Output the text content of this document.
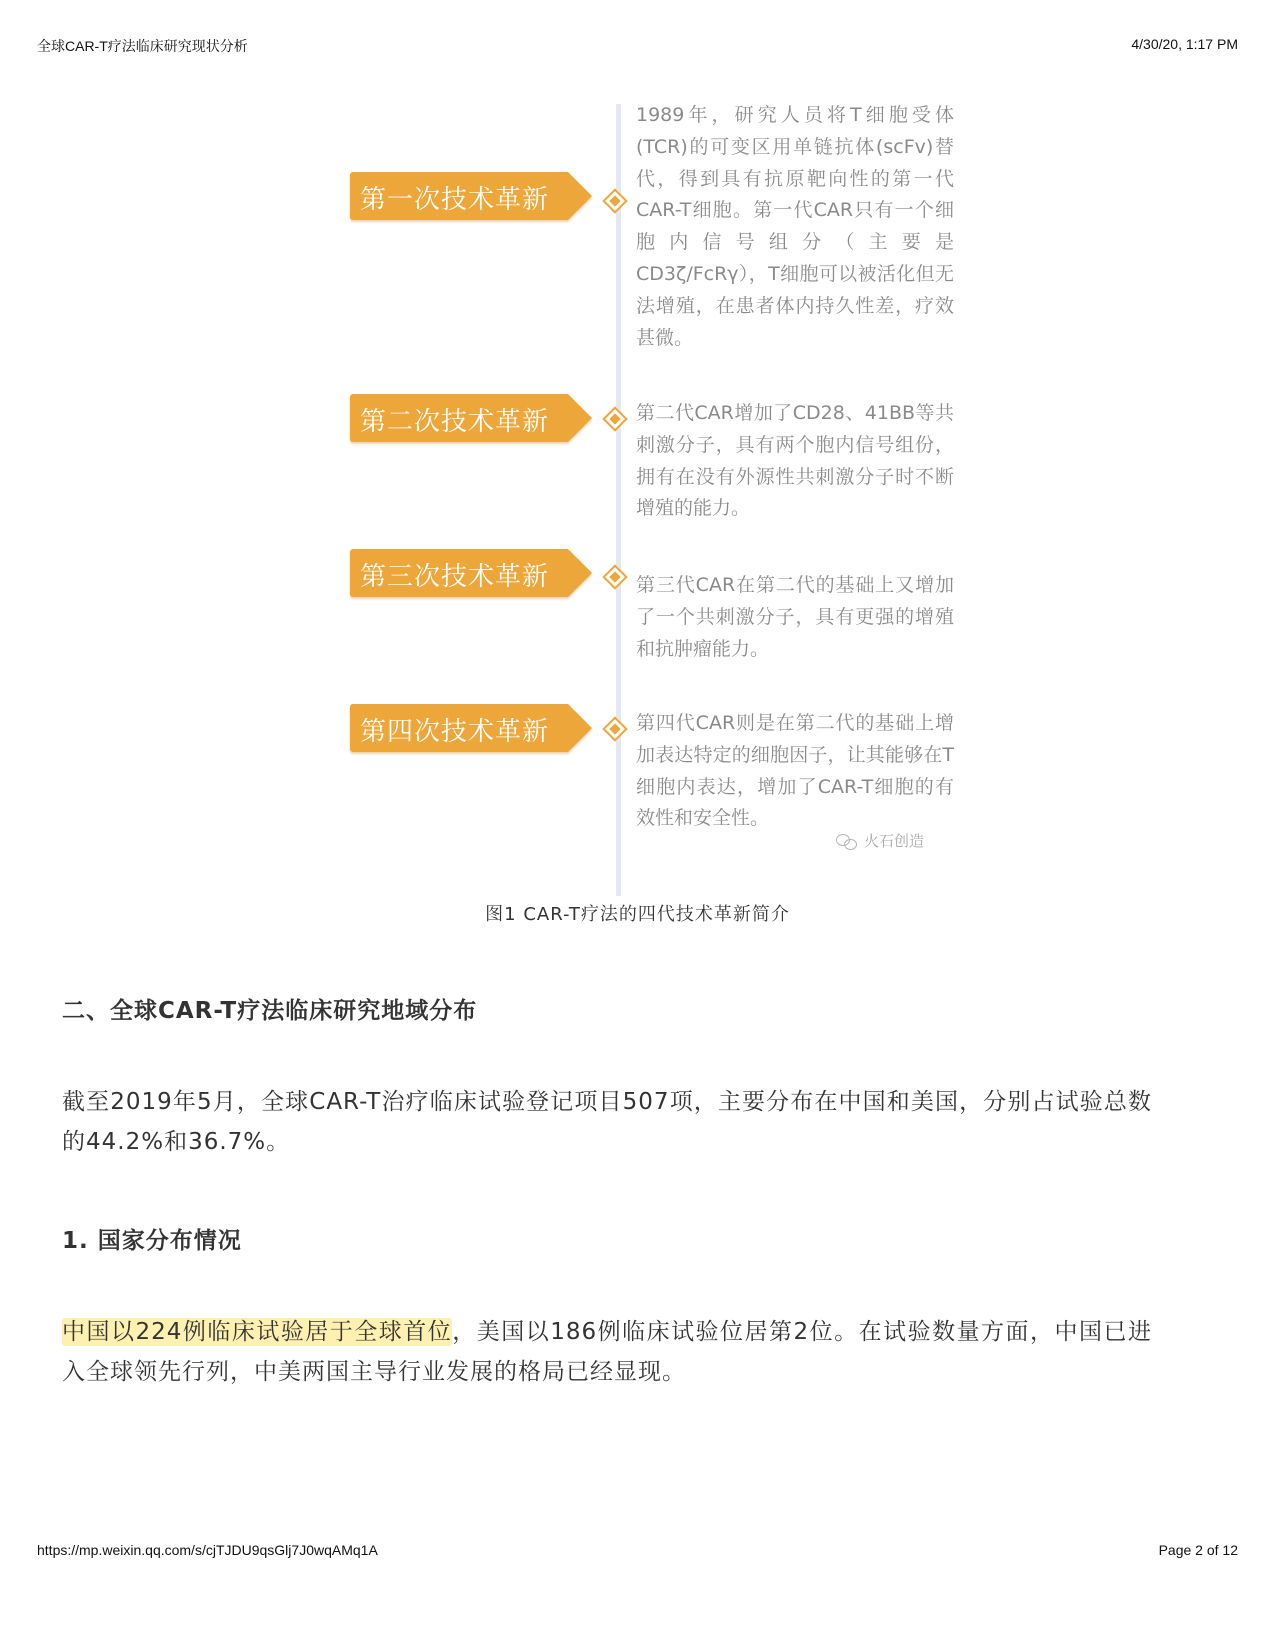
全球CAR-T疗法临床研究现状分析	4/30/20, 1:17 PM
第一次技术革新
1989年，研究人员将T细胞受体(TCR)的可变区用单链抗体(scFv)替代，得到具有抗原靶向性的第一代CAR-T细胞。第一代CAR只有一个细胞内信号组分（主要是CD3ζ/FcRγ），T细胞可以被活化但无法增殖，在患者体内持久性差，疗效甚微。
第二次技术革新	第二代CAR增加了CD28、41BB等共刺激分子，具有两个胞内信号组份，拥有在没有外源性共刺激分子时不断增殖的能力。
第三次技术革新	第三代CAR在第二代的基础上又增加了一个共刺激分子，具有更强的增殖和抗肿瘤能力。
第四次技术革新	第四代CAR则是在第二代的基础上增加表达特定的细胞因子，让其能够在T细胞内表达，增加了CAR-T细胞的有效性和安全性。
火石创造
图1 CAR-T疗法的四代技术革新简介
二、全球CAR-T疗法临床研究地域分布
截至2019年5月，全球CAR-T治疗临床试验登记项目507项，主要分布在中国和美国，分别占试验总数的44.2%和36.7%。
1. 国家分布情况
中国以224例临床试验居于全球首位，美国以186例临床试验位居第2位。在试验数量方面，中国已进入全球领先行列，中美两国主导行业发展的格局已经显现。
https://mp.weixin.qq.com/s/cjTJDU9qsGlj7J0wqAMq1A	Page 2 of 12
